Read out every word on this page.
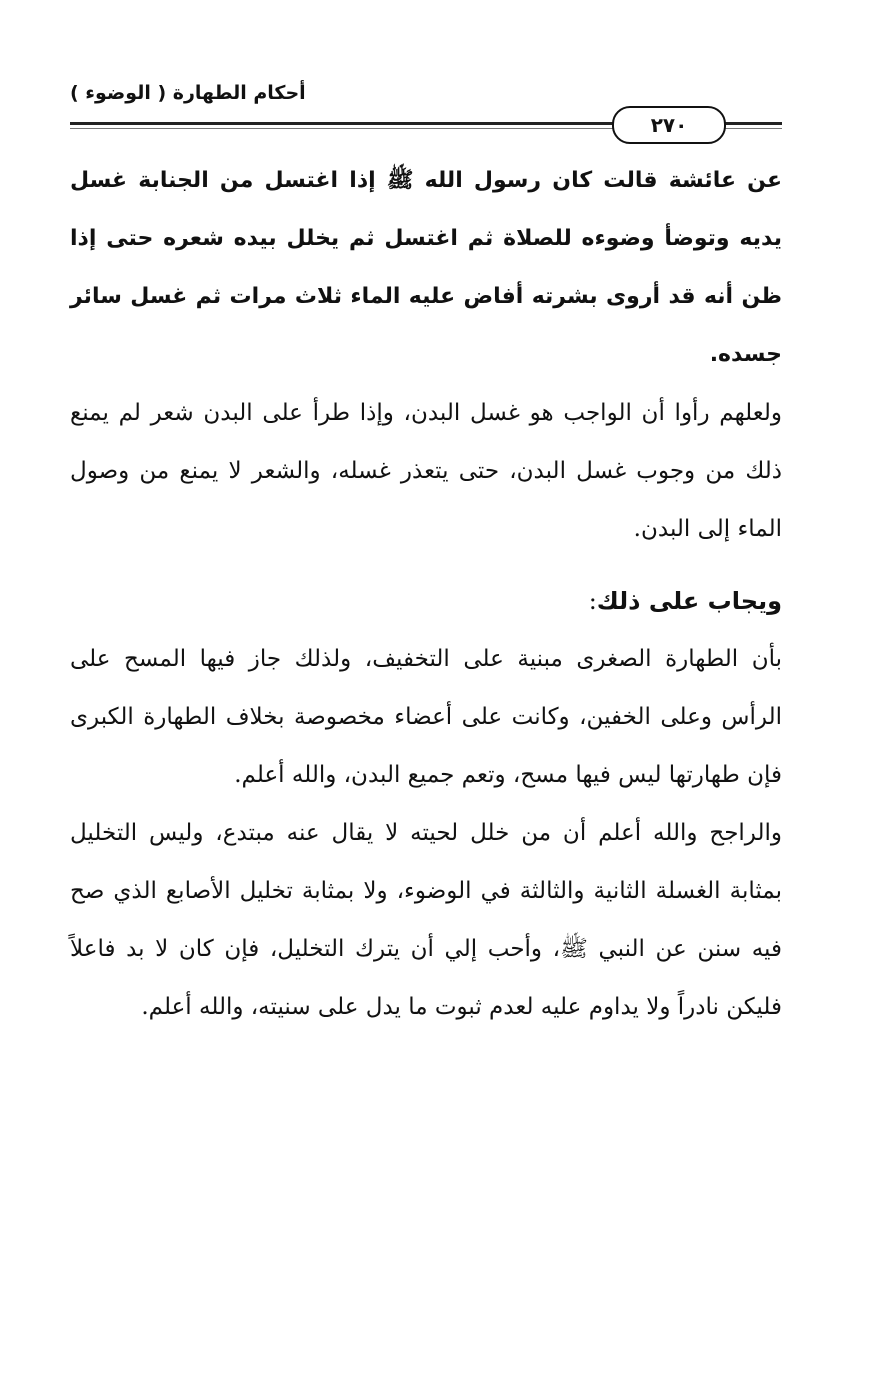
أحكام الطهارة ( الوضوء )
٢٧٠

عن عائشة قالت كان رسول الله ﷺ إذا اغتسل من الجنابة غسل يديه وتوضأ وضوءه للصلاة ثم اغتسل ثم يخلل بيده شعره حتى إذا ظن أنه قد أروى بشرته أفاض عليه الماء ثلاث مرات ثم غسل سائر جسده.

ولعلهم رأوا أن الواجب هو غسل البدن، وإذا طرأ على البدن شعر لم يمنع ذلك من وجوب غسل البدن، حتى يتعذر غسله، والشعر لا يمنع من وصول الماء إلى البدن.

ويجاب على ذلك:

بأن الطهارة الصغرى مبنية على التخفيف، ولذلك جاز فيها المسح على الرأس وعلى الخفين، وكانت على أعضاء مخصوصة بخلاف الطهارة الكبرى فإن طهارتها ليس فيها مسح، وتعم جميع البدن، والله أعلم.

والراجح والله أعلم أن من خلل لحيته لا يقال عنه مبتدع، وليس التخليل بمثابة الغسلة الثانية والثالثة في الوضوء، ولا بمثابة تخليل الأصابع الذي صح فيه سنن عن النبي ﷺ، وأحب إلي أن يترك التخليل، فإن كان لا بد فاعلاً فليكن نادراً ولا يداوم عليه لعدم ثبوت ما يدل على سنيته، والله أعلم.
